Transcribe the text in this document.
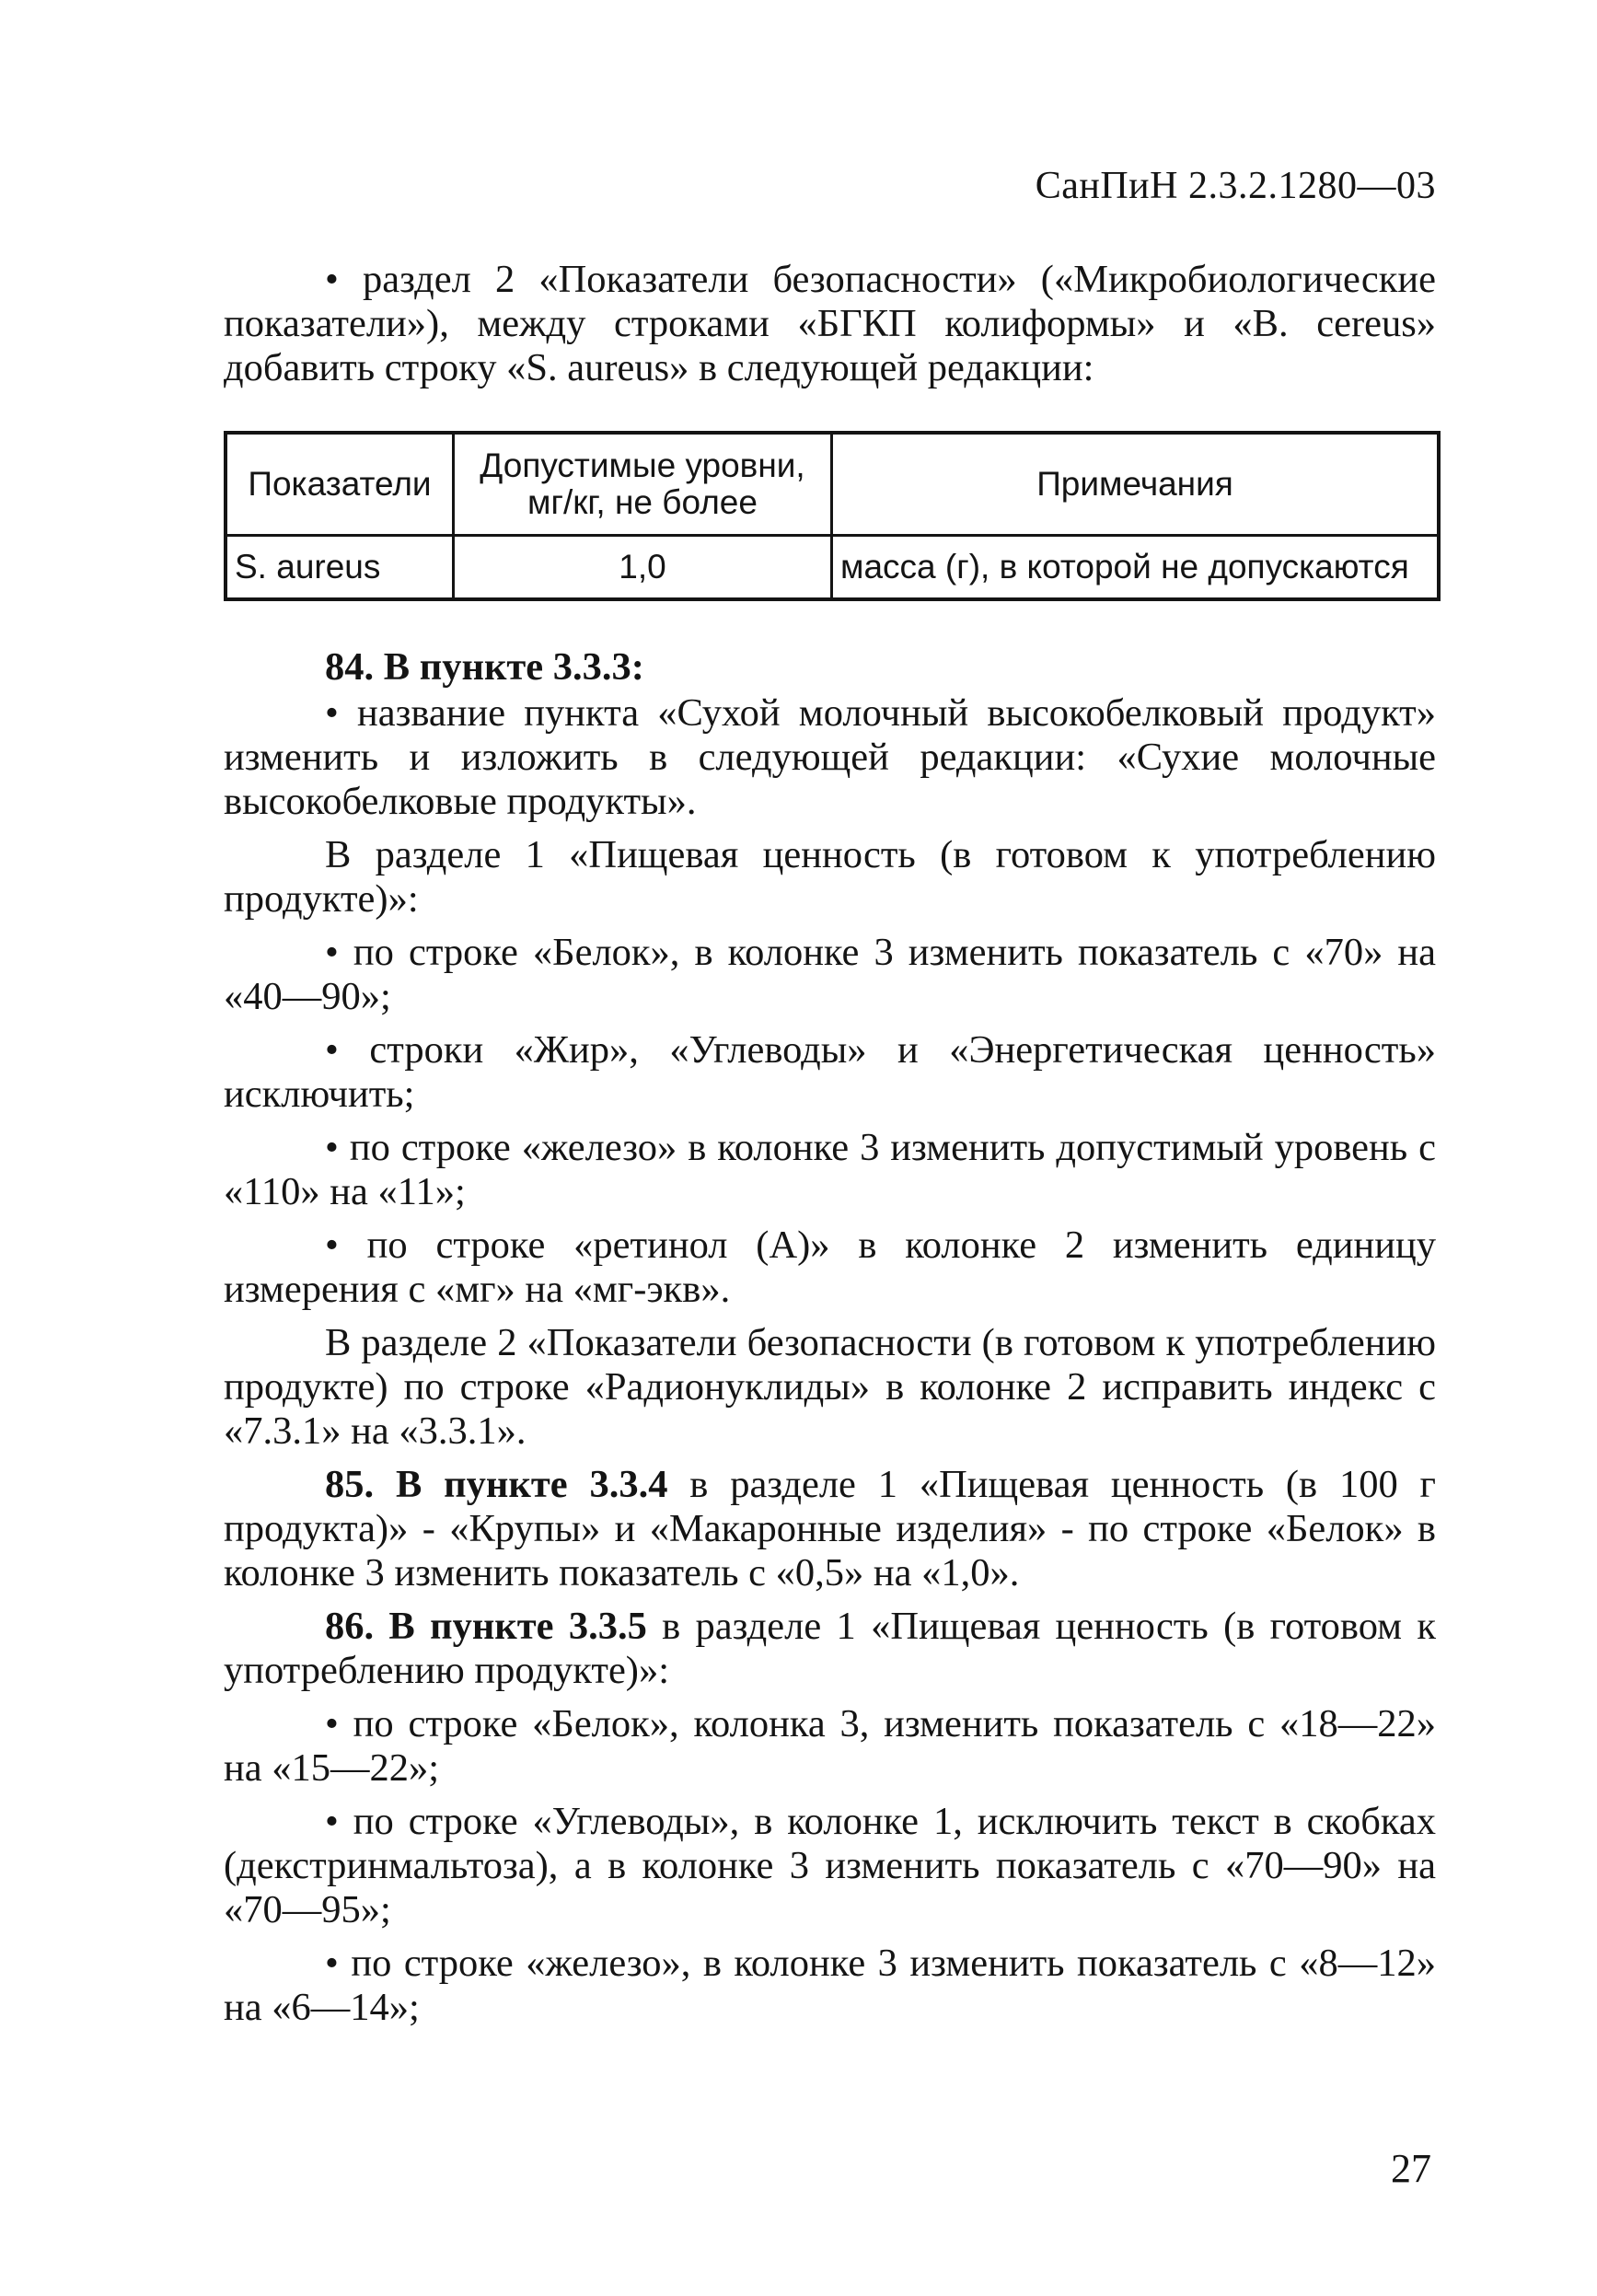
СанПиН 2.3.2.1280—03

• раздел 2 «Показатели безопасности» («Микробиологические показатели»), между строками «БГКП колиформы» и «B. cereus» добавить строку «S. aureus» в следующей редакции:

Показатели	Допустимые уровни, мг/кг, не более	Примечания
S. aureus	1,0	масса (г), в которой не допускаются

84. В пункте 3.3.3:

• название пункта «Сухой молочный высокобелковый продукт» изменить и изложить в следующей редакции: «Сухие молочные высокобелковые продукты».

В разделе 1 «Пищевая ценность (в готовом к употреблению продукте)»:

• по строке «Белок», в колонке 3 изменить показатель с «70» на «40—90»;

• строки «Жир», «Углеводы» и «Энергетическая ценность» исключить;

• по строке «железо» в колонке 3 изменить допустимый уровень с «110» на «11»;

• по строке «ретинол (А)» в колонке 2 изменить единицу измерения с «мг» на «мг-экв».

В разделе 2 «Показатели безопасности (в готовом к употреблению продукте) по строке «Радионуклиды» в колонке 2 исправить индекс с «7.3.1» на «3.3.1».

85. В пункте 3.3.4 в разделе 1 «Пищевая ценность (в 100 г продукта)» - «Крупы» и «Макаронные изделия» - по строке «Белок» в колонке 3 изменить показатель с «0,5» на «1,0».

86. В пункте 3.3.5 в разделе 1 «Пищевая ценность (в готовом к употреблению продукте)»:

• по строке «Белок», колонка 3, изменить показатель с «18—22» на «15—22»;

• по строке «Углеводы», в колонке 1, исключить текст в скобках (декстринмальтоза), а в колонке 3 изменить показатель с «70—90» на «70—95»;

• по строке «железо», в колонке 3 изменить показатель с «8—12» на «6—14»;

27
